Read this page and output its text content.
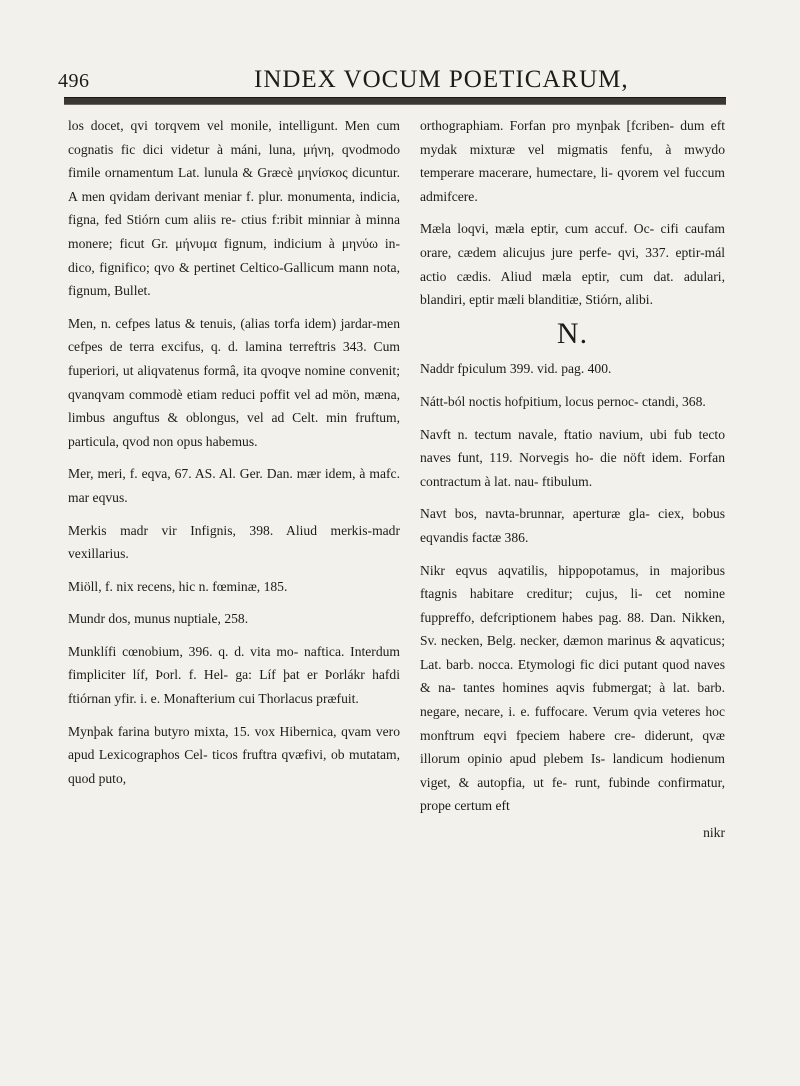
496	INDEX VOCUM POETICARUM,

los docet, qvi torqvem vel monile, intelligunt. Men cum cognatis fic dici videtur à máni, luna, μήνη, qvodmodo fimile ornamentum Lat. lunula & Græcè μηνίσκος dicuntur. A men qvidam derivant meniar f. plur. monumenta, indicia, figna, fed Stiórn cum aliis re- ctius f:ribit minniar à minna monere; ficut Gr. μήνυμα fignum, indicium à μηνύω in- dico, fignifico; qvo & pertinet Celtico-Gallicum mann nota, fignum, Bullet.

Men, n. cefpes latus & tenuis, (alias torfa idem) jardar-men cefpes de terra excifus, q. d. lamina terreftris 343. Cum fuperiori, ut aliqvatenus formâ, ita qvoqve nomine convenit; qvanqvam commodè etiam reduci poffit vel ad mön, mæna, limbus anguftus & oblongus, vel ad Celt. min fruftum, particula, qvod non opus habemus.

Mer, meri, f. eqva, 67. AS. Al. Ger. Dan. mær idem, à mafc. mar eqvus.

Merkis madr vir Infignis, 398. Aliud merkis-madr vexillarius.

Miöll, f. nix recens, hic n. fœminæ, 185.

Mundr dos, munus nuptiale, 258.

Munklífi cœnobium, 396. q. d. vita mo- naftica. Interdum fimpliciter líf, Þorl. f. Hel- ga: Líf þat er Þorlákr hafdi ftiórnan yfir. i. e. Monafterium cui Thorlacus præfuit.

Mynþak farina butyro mixta, 15. vox Hibernica, qvam vero apud Lexicographos Cel- ticos fruftra qvæfivi, ob mutatam, quod puto,

orthographiam. Forfan pro mynþak [fcriben- dum eft mydak mixturæ vel migmatis fenfu, à mwydo temperare macerare, humectare, li- qvorem vel fuccum admifcere.

Mæla loqvi, mæla eptir, cum accuf. Oc- cifi caufam orare, cædem alicujus jure perfe- qvi, 337. eptir-mál actio cædis. Aliud mæla eptir, cum dat. adulari, blandiri, eptir mæli blanditiæ, Stiórn, alibi.

N.

Naddr fpiculum 399. vid. pag. 400.

Nátt-ból noctis hofpitium, locus pernoc- ctandi, 368.

Navft n. tectum navale, ftatio navium, ubi fub tecto naves funt, 119. Norvegis ho- die nöft idem. Forfan contractum à lat. nau- ftibulum.

Navt bos, navta-brunnar, aperturæ gla- ciex, bobus eqvandis factæ 386.

Nikr eqvus aqvatilis, hippopotamus, in majoribus ftagnis habitare creditur; cujus, li- cet nomine fuppreffo, defcriptionem habes pag. 88. Dan. Nikken, Sv. necken, Belg. necker, dæmon marinus & aqvaticus; Lat. barb. nocca. Etymologi fic dici putant quod naves & na- tantes homines aqvis fubmergat; à lat. barb. negare, necare, i. e. fuffocare. Verum qvia veteres hoc monftrum eqvi fpeciem habere cre- diderunt, qvæ illorum opinio apud plebem Is- landicum hodienum viget, & autopfia, ut fe- runt, fubinde confirmatur, prope certum eft

nikr
